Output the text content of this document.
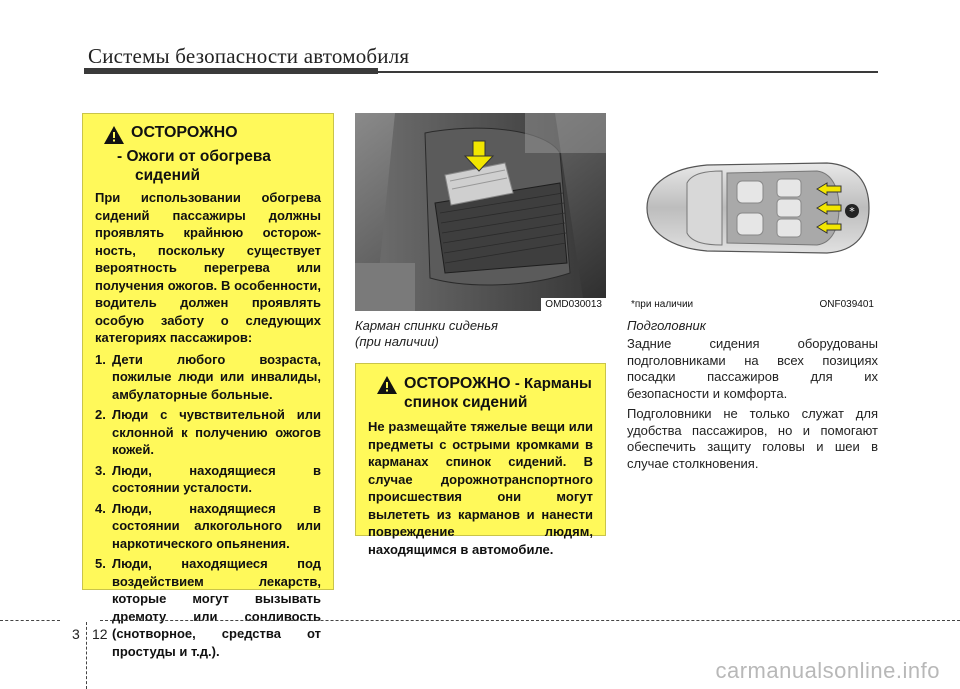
Системы безопасности автомобиля
ОСТОРОЖНО
- Ожоги от обогрева
сидений
При использовании обогрева сидений пассажиры должны проявлять крайнюю осторожность, поскольку существует вероятность перегрева или получения ожогов. В особенности, водитель должен проявлять особую заботу о следующих категориях пассажиров:
1. Дети любого возраста, пожилые люди или инвалиды, амбулаторные больные.
2. Люди с чувствительной или склонной к получению ожогов кожей.
3. Люди, находящиеся в состоянии усталости.
4. Люди, находящиеся в состоянии алкогольного или наркотического опьянения.
5. Люди, находящиеся под воздействием лекарств, которые могут вызывать дремоту или сонливость (снотворное, средства от простуды и т.д.).
OMD030013
Карман спинки сиденья
(при наличии)
ОСТОРОЖНО - Карманы
спинок сидений
Не размещайте тяжелые вещи или предметы с острыми кромками в карманах спинок сидений. В случае дорожнотранспортного происшествия они могут вылететь из карманов и нанести повреждение людям, находящимся в автомобиле.
*
*при наличии	ONF039401
Подголовник

Задние сидения оборудованы подголовниками на всех позициях посадки пассажиров для их безопасности и комфорта.

Подголовники не только служат для удобства пассажиров, но и помогают обеспечить защиту головы и шеи в случае столкновения.

3 12
carmanualsonline.info
